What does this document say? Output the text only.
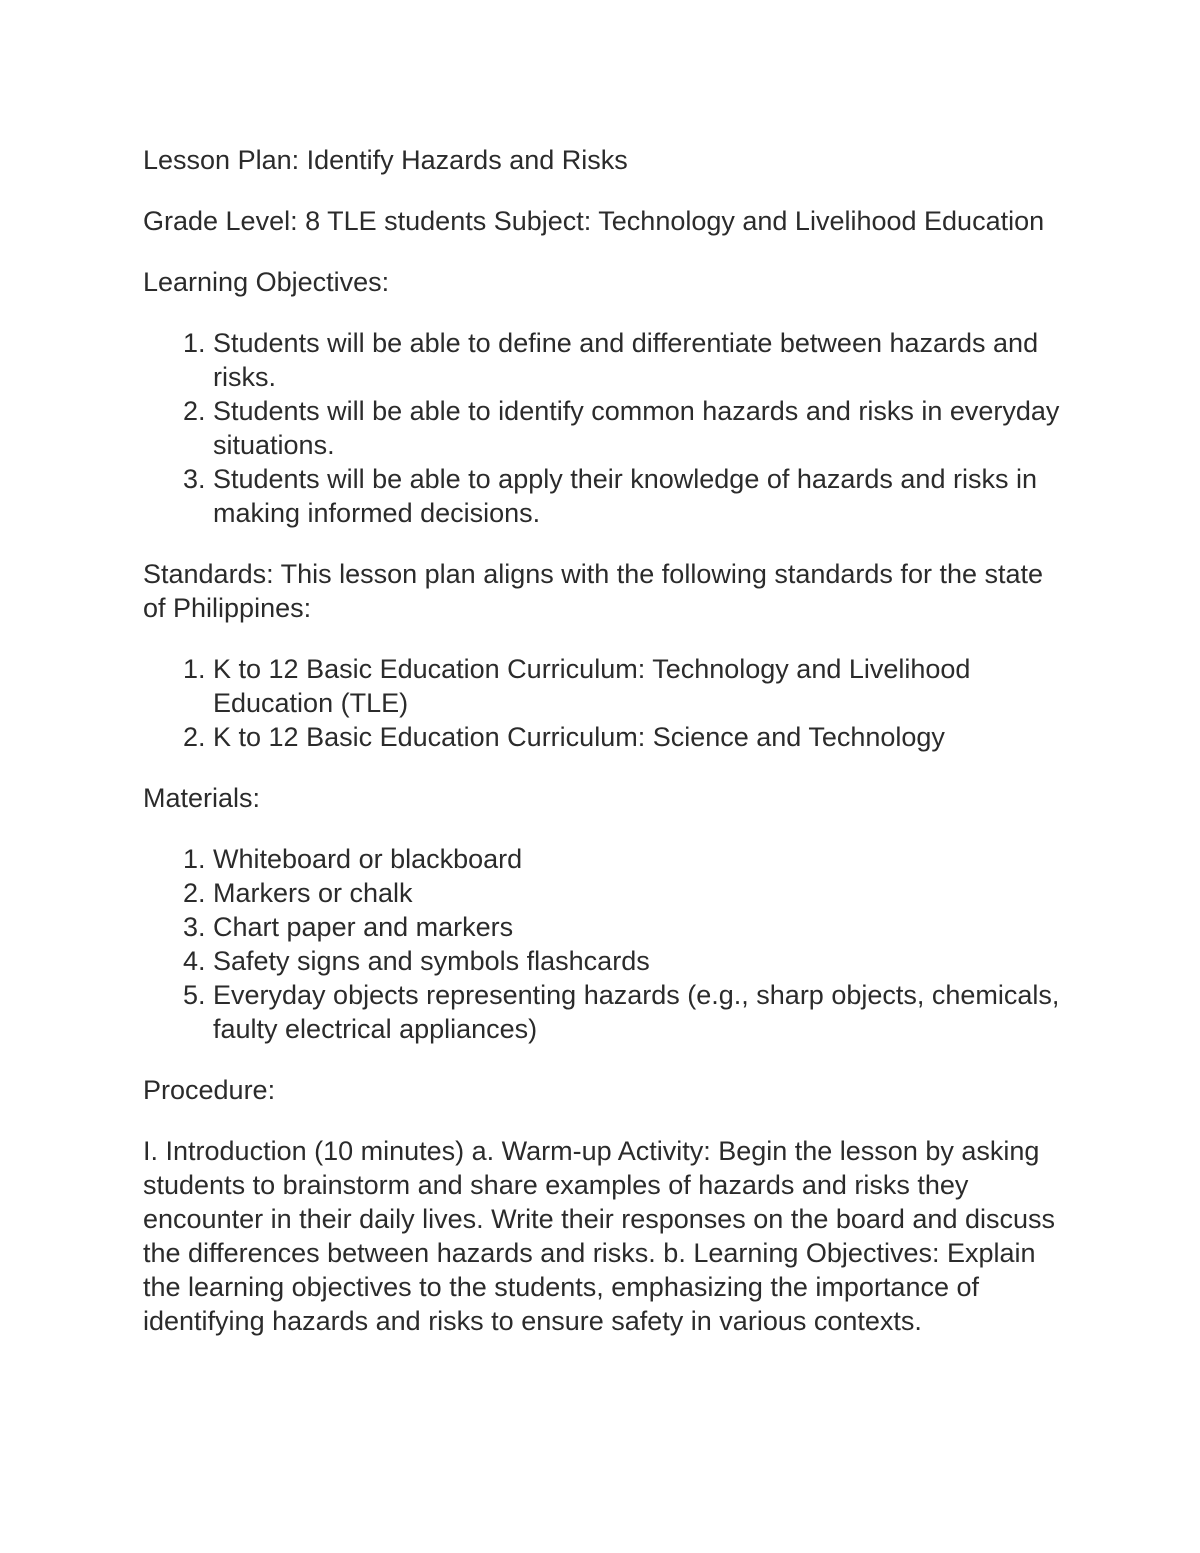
Lesson Plan: Identify Hazards and Risks

Grade Level: 8 TLE students Subject: Technology and Livelihood Education

Learning Objectives:

1. Students will be able to define and differentiate between hazards and risks.
2. Students will be able to identify common hazards and risks in everyday situations.
3. Students will be able to apply their knowledge of hazards and risks in making informed decisions.

Standards: This lesson plan aligns with the following standards for the state of Philippines:

1. K to 12 Basic Education Curriculum: Technology and Livelihood Education (TLE)
2. K to 12 Basic Education Curriculum: Science and Technology

Materials:

1. Whiteboard or blackboard
2. Markers or chalk
3. Chart paper and markers
4. Safety signs and symbols flashcards
5. Everyday objects representing hazards (e.g., sharp objects, chemicals, faulty electrical appliances)

Procedure:

I. Introduction (10 minutes) a. Warm-up Activity: Begin the lesson by asking students to brainstorm and share examples of hazards and risks they encounter in their daily lives. Write their responses on the board and discuss the differences between hazards and risks. b. Learning Objectives: Explain the learning objectives to the students, emphasizing the importance of identifying hazards and risks to ensure safety in various contexts.
